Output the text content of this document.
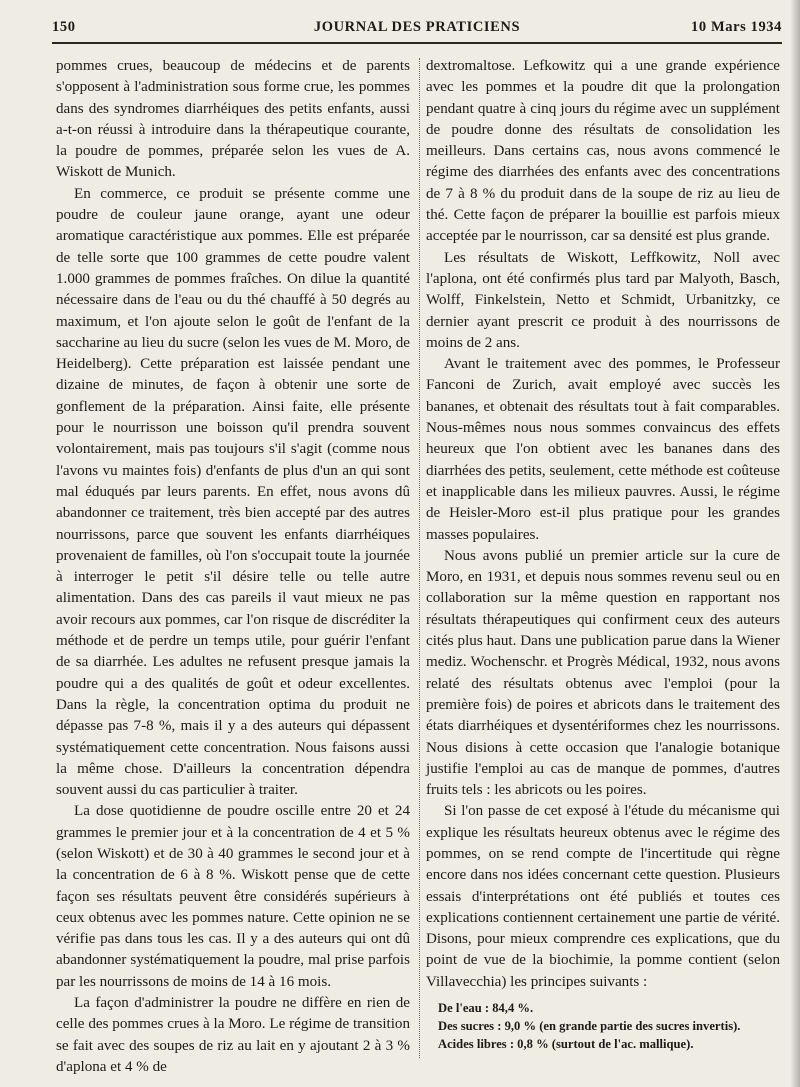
150	JOURNAL DES PRATICIENS	10 Mars 1934

pommes crues, beaucoup de médecins et de parents s'opposent à l'administration sous forme crue, les pommes dans des syndromes diarrhéiques des petits enfants, aussi a-t-on réussi à introduire dans la thérapeutique courante, la poudre de pommes, préparée selon les vues de A. Wiskott de Munich.

En commerce, ce produit se présente comme une poudre de couleur jaune orange, ayant une odeur aromatique caractéristique aux pommes. Elle est préparée de telle sorte que 100 grammes de cette poudre valent 1.000 grammes de pommes fraîches. On dilue la quantité nécessaire dans de l'eau ou du thé chauffé à 50 degrés au maximum, et l'on ajoute selon le goût de l'enfant de la saccharine au lieu du sucre (selon les vues de M. Moro, de Heidelberg). Cette préparation est laissée pendant une dizaine de minutes, de façon à obtenir une sorte de gonflement de la préparation. Ainsi faite, elle présente pour le nourrisson une boisson qu'il prendra souvent volontairement, mais pas toujours s'il s'agit (comme nous l'avons vu maintes fois) d'enfants de plus d'un an qui sont mal éduqués par leurs parents. En effet, nous avons dû abandonner ce traitement, très bien accepté par des autres nourrissons, parce que souvent les enfants diarrhéiques provenaient de familles, où l'on s'occupait toute la journée à interroger le petit s'il désire telle ou telle autre alimentation. Dans des cas pareils il vaut mieux ne pas avoir recours aux pommes, car l'on risque de discréditer la méthode et de perdre un temps utile, pour guérir l'enfant de sa diarrhée. Les adultes ne refusent presque jamais la poudre qui a des qualités de goût et odeur excellentes. Dans la règle, la concentration optima du produit ne dépasse pas 7-8 %, mais il y a des auteurs qui dépassent systématiquement cette concentration. Nous faisons aussi la même chose. D'ailleurs la concentration dépendra souvent aussi du cas particulier à traiter.

La dose quotidienne de poudre oscille entre 20 et 24 grammes le premier jour et à la concentration de 4 et 5 % (selon Wiskott) et de 30 à 40 grammes le second jour et à la concentration de 6 à 8 %. Wiskott pense que de cette façon ses résultats peuvent être considérés supérieurs à ceux obtenus avec les pommes nature. Cette opinion ne se vérifie pas dans tous les cas. Il y a des auteurs qui ont dû abandonner systématiquement la poudre, mal prise parfois par les nourrissons de moins de 14 à 16 mois.

La façon d'administrer la poudre ne diffère en rien de celle des pommes crues à la Moro. Le régime de transition se fait avec des soupes de riz au lait en y ajoutant 2 à 3 % d'aplona et 4 % de

dextromaltose. Lefkowitz qui a une grande expérience avec les pommes et la poudre dit que la prolongation pendant quatre à cinq jours du régime avec un supplément de poudre donne des résultats de consolidation les meilleurs. Dans certains cas, nous avons commencé le régime des diarrhées des enfants avec des concentrations de 7 à 8 % du produit dans de la soupe de riz au lieu de thé. Cette façon de préparer la bouillie est parfois mieux acceptée par le nourrisson, car sa densité est plus grande.

Les résultats de Wiskott, Leffkowitz, Noll avec l'aplona, ont été confirmés plus tard par Malyoth, Basch, Wolff, Finkelstein, Netto et Schmidt, Urbanitzky, ce dernier ayant prescrit ce produit à des nourrissons de moins de 2 ans.

Avant le traitement avec des pommes, le Professeur Fanconi de Zurich, avait employé avec succès les bananes, et obtenait des résultats tout à fait comparables. Nous-mêmes nous nous sommes convaincus des effets heureux que l'on obtient avec les bananes dans des diarrhées des petits, seulement, cette méthode est coûteuse et inapplicable dans les milieux pauvres. Aussi, le régime de Heisler-Moro est-il plus pratique pour les grandes masses populaires.

Nous avons publié un premier article sur la cure de Moro, en 1931, et depuis nous sommes revenu seul ou en collaboration sur la même question en rapportant nos résultats thérapeutiques qui confirment ceux des auteurs cités plus haut. Dans une publication parue dans la Wiener mediz. Wochenschr. et Progrès Médical, 1932, nous avons relaté des résultats obtenus avec l'emploi (pour la première fois) de poires et abricots dans le traitement des états diarrhéiques et dysentériformes chez les nourrissons. Nous disions à cette occasion que l'analogie botanique justifie l'emploi au cas de manque de pommes, d'autres fruits tels : les abricots ou les poires.

Si l'on passe de cet exposé à l'étude du mécanisme qui explique les résultats heureux obtenus avec le régime des pommes, on se rend compte de l'incertitude qui règne encore dans nos idées concernant cette question. Plusieurs essais d'interprétations ont été publiés et toutes ces explications contiennent certainement une partie de vérité. Disons, pour mieux comprendre ces explications, que du point de vue de la biochimie, la pomme contient (selon Villavecchia) les principes suivants :

De l'eau : 84,4 %.
Des sucres : 9,0 % (en grande partie des sucres invertis).
Acides libres : 0,8 % (surtout de l'ac. mallique).
